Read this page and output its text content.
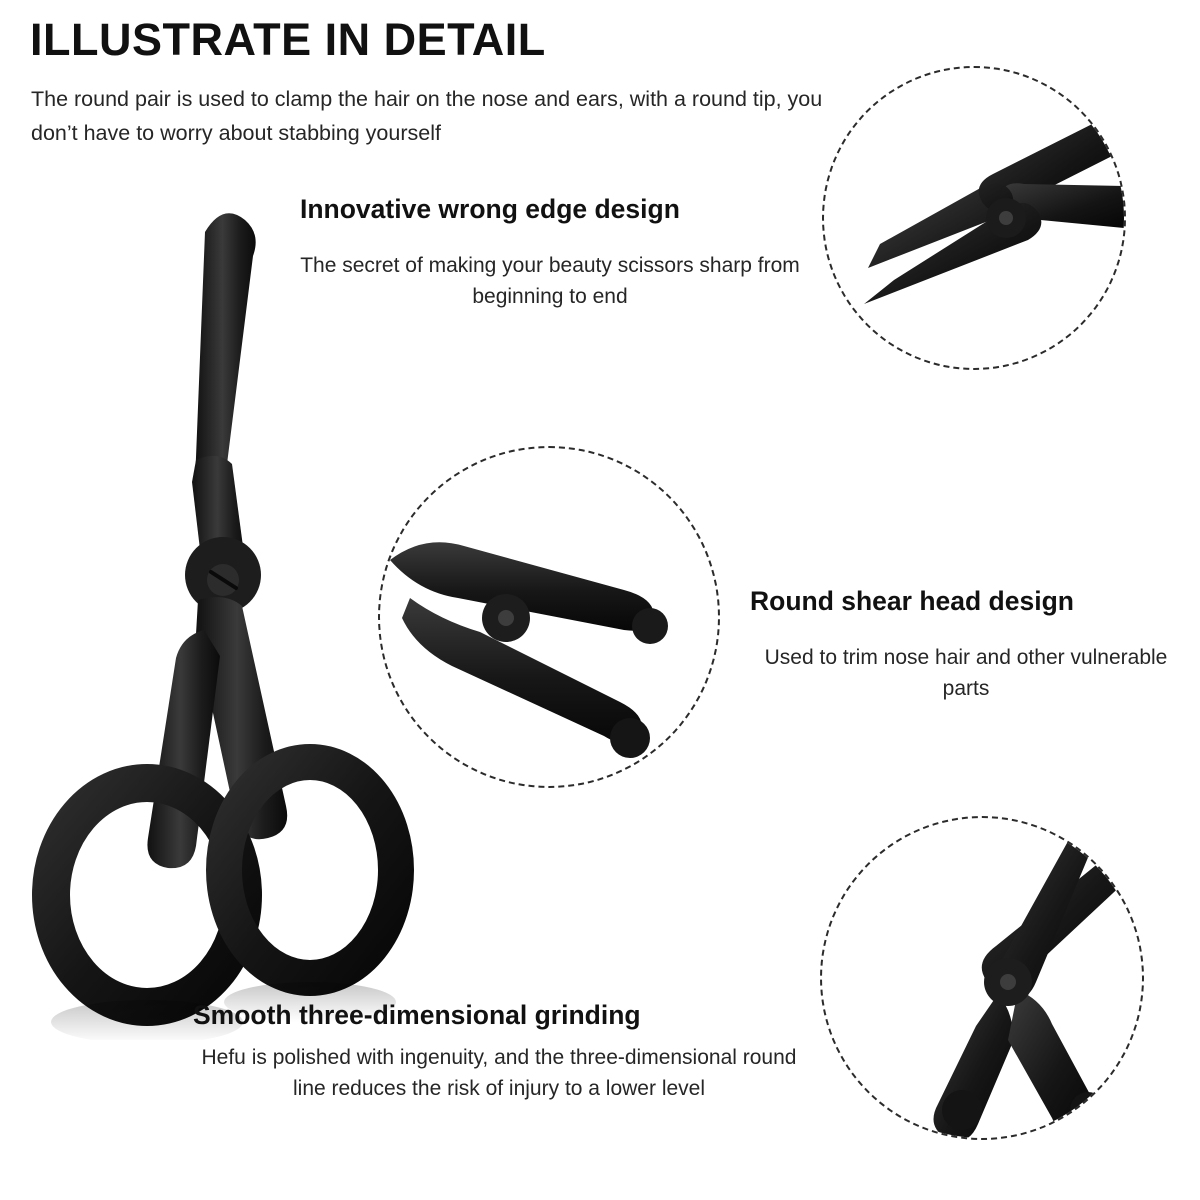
ILLUSTRATE IN DETAIL
The round pair is used to clamp the hair on the nose and ears, with a round tip, you don’t have to worry about stabbing yourself
Innovative wrong edge design
The secret of making your beauty scissors sharp from beginning to end
Round shear head design
Used to trim nose hair and other vulnerable parts
Smooth three-dimensional grinding
Hefu is polished with ingenuity, and the three-dimensional round line reduces the risk of injury to a lower level
